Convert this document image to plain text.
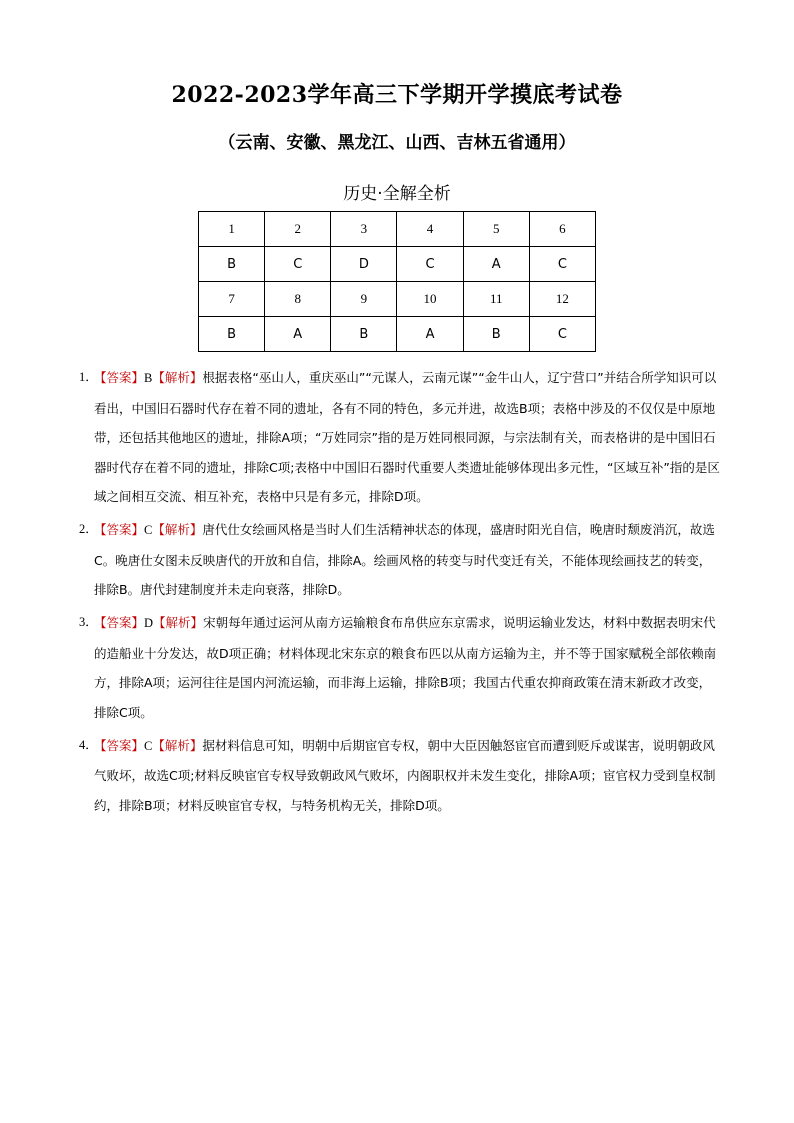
2022-2023学年高三下学期开学摸底考试卷
（云南、安徽、黑龙江、山西、吉林五省通用）
历史·全解全析
1	2	3	4	5	6
B	C	D	C	A	C
7	8	9	10	11	12
B	A	B	A	B	C
1．
【答案】B【解析】根据表格“巫山人，重庆巫山”“元谋人，云南元谋”“金牛山人，辽宁营口”并结合所学知识可以看出，中国旧石器时代存在着不同的遗址，各有不同的特色，多元并进，故选B项；表格中涉及的不仅仅是中原地带，还包括其他地区的遗址，排除A项；“万姓同宗”指的是万姓同根同源，与宗法制有关，而表格讲的是中国旧石器时代存在着不同的遗址，排除C项;表格中中国旧石器时代重要人类遗址能够体现出多元性，“区域互补”指的是区域之间相互交流、相互补充，表格中只是有多元，排除D项。
2．
【答案】C【解析】唐代仕女绘画风格是当时人们生活精神状态的体现，盛唐时阳光自信，晚唐时颓废消沉，故选C。晚唐仕女图未反映唐代的开放和自信，排除A。绘画风格的转变与时代变迁有关，不能体现绘画技艺的转变，排除B。唐代封建制度并未走向衰落，排除D。
3．
【答案】D【解析】宋朝每年通过运河从南方运输粮食布帛供应东京需求，说明运输业发达，材料中数据表明宋代的造船业十分发达，故D项正确；材料体现北宋东京的粮食布匹以从南方运输为主，并不等于国家赋税全部依赖南方，排除A项；运河往往是国内河流运输，而非海上运输，排除B项；我国古代重农抑商政策在清末新政才改变，排除C项。
4．
【答案】C【解析】据材料信息可知，明朝中后期宦官专权，朝中大臣因触怒宦官而遭到贬斥或谋害，说明朝政风气败坏，故选C项;材料反映宦官专权导致朝政风气败坏，内阁职权并未发生变化，排除A项；宦官权力受到皇权制约，排除B项；材料反映宦官专权，与特务机构无关，排除D项。
